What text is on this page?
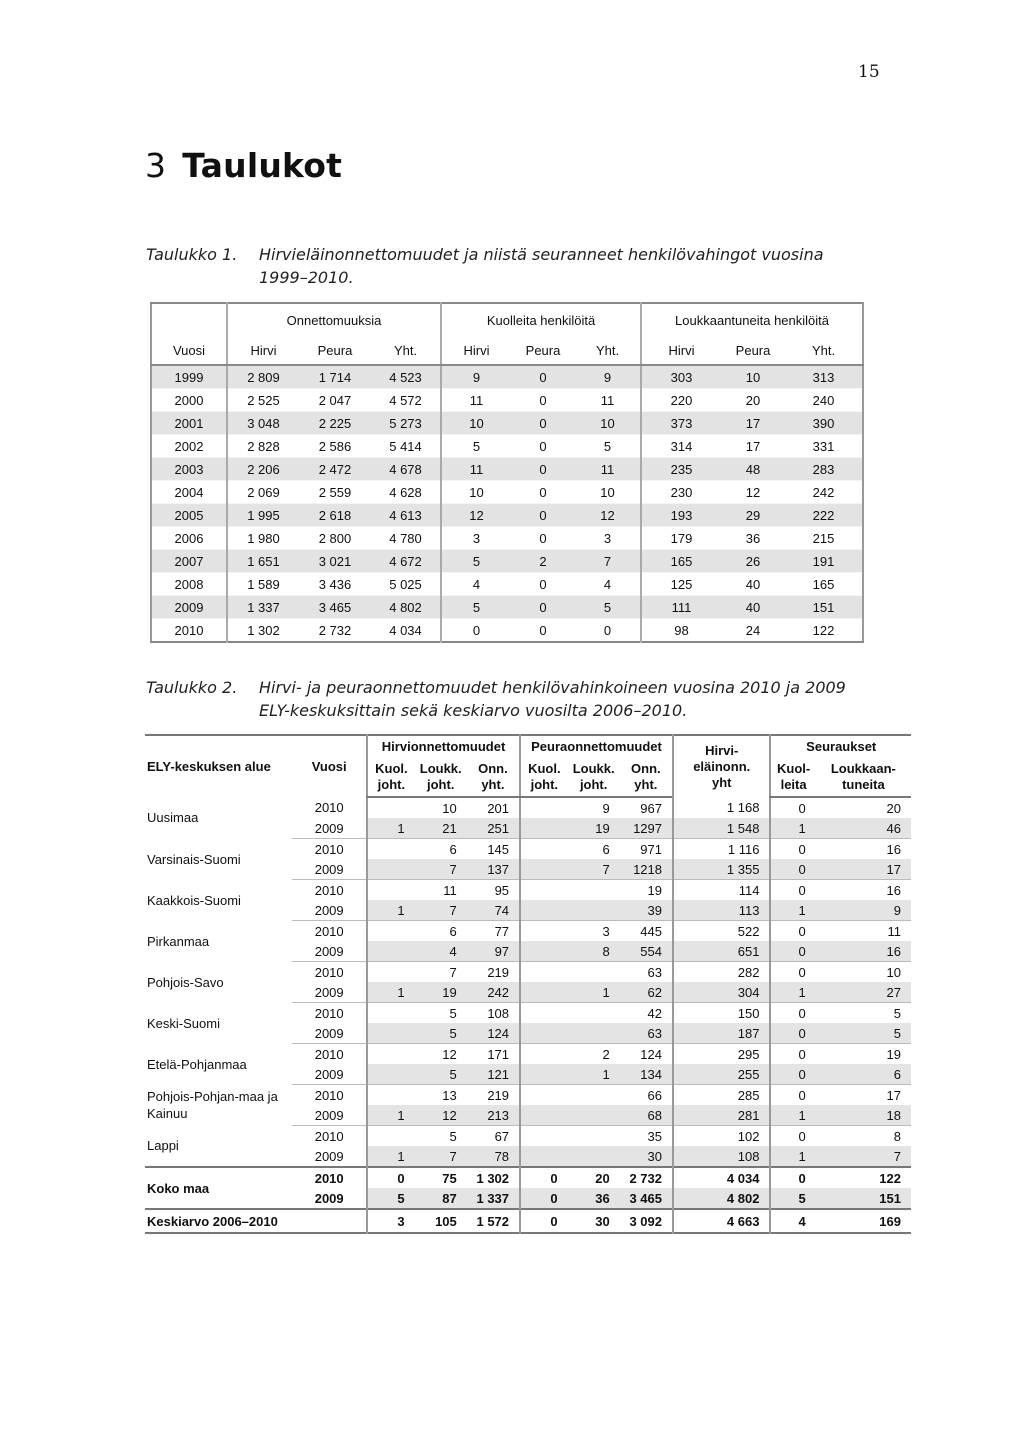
15
3 Taulukot
Taulukko 1. Hirvieläinonnettomuudet ja niistä seuranneet henkilövahingot vuosina 1999–2010.
	Onnettomuuksia			Kuolleita henkilöitä			Loukkaantuneita henkilöitä		
Vuosi	Hirvi	Peura	Yht.	Hirvi	Peura	Yht.	Hirvi	Peura	Yht.
1999	2 809	1 714	4 523	9	0	9	303	10	313
2000	2 525	2 047	4 572	11	0	11	220	20	240
2001	3 048	2 225	5 273	10	0	10	373	17	390
2002	2 828	2 586	5 414	5	0	5	314	17	331
2003	2 206	2 472	4 678	11	0	11	235	48	283
2004	2 069	2 559	4 628	10	0	10	230	12	242
2005	1 995	2 618	4 613	12	0	12	193	29	222
2006	1 980	2 800	4 780	3	0	3	179	36	215
2007	1 651	3 021	4 672	5	2	7	165	26	191
2008	1 589	3 436	5 025	4	0	4	125	40	165
2009	1 337	3 465	4 802	5	0	5	111	40	151
2010	1 302	2 732	4 034	0	0	0	98	24	122
Taulukko 2. Hirvi- ja peuraonnettomuudet henkilövahinkoineen vuosina 2010 ja 2009 ELY-keskuksittain sekä keskiarvo vuosilta 2006–2010.
ELY-keskuksen alue	Vuosi	Hirvionnettomuudet			Peuraonnettomuudet			Hirvi-eläinonn. yht	Seuraukset	
		Kuol. joht.	Loukk. joht.	Onn. yht.	Kuol. joht.	Loukk. joht.	Onn. yht.		Kuol-leita	Loukkaan-tuneita
Uusimaa	2010		10	201		9	967	1 168	0	20
	2009	1	21	251		19	1297	1 548	1	46
Varsinais-Suomi	2010		6	145		6	971	1 116	0	16
	2009		7	137		7	1218	1 355	0	17
Kaakkois-Suomi	2010		11	95			19	114	0	16
	2009	1	7	74			39	113	1	9
Pirkanmaa	2010		6	77		3	445	522	0	11
	2009		4	97		8	554	651	0	16
Pohjois-Savo	2010		7	219			63	282	0	10
	2009	1	19	242		1	62	304	1	27
Keski-Suomi	2010		5	108			42	150	0	5
	2009		5	124			63	187	0	5
Etelä-Pohjanmaa	2010		12	171		2	124	295	0	19
	2009		5	121		1	134	255	0	6
Pohjois-Pohjan-maa ja Kainuu	2010		13	219			66	285	0	17
	2009	1	12	213			68	281	1	18
Lappi	2010		5	67			35	102	0	8
	2009	1	7	78			30	108	1	7
Koko maa	2010	0	75	1 302	0	20	2 732	4 034	0	122
	2009	5	87	1 337	0	36	3 465	4 802	5	151
Keskiarvo 2006–2010		3	105	1 572	0	30	3 092	4 663	4	169
